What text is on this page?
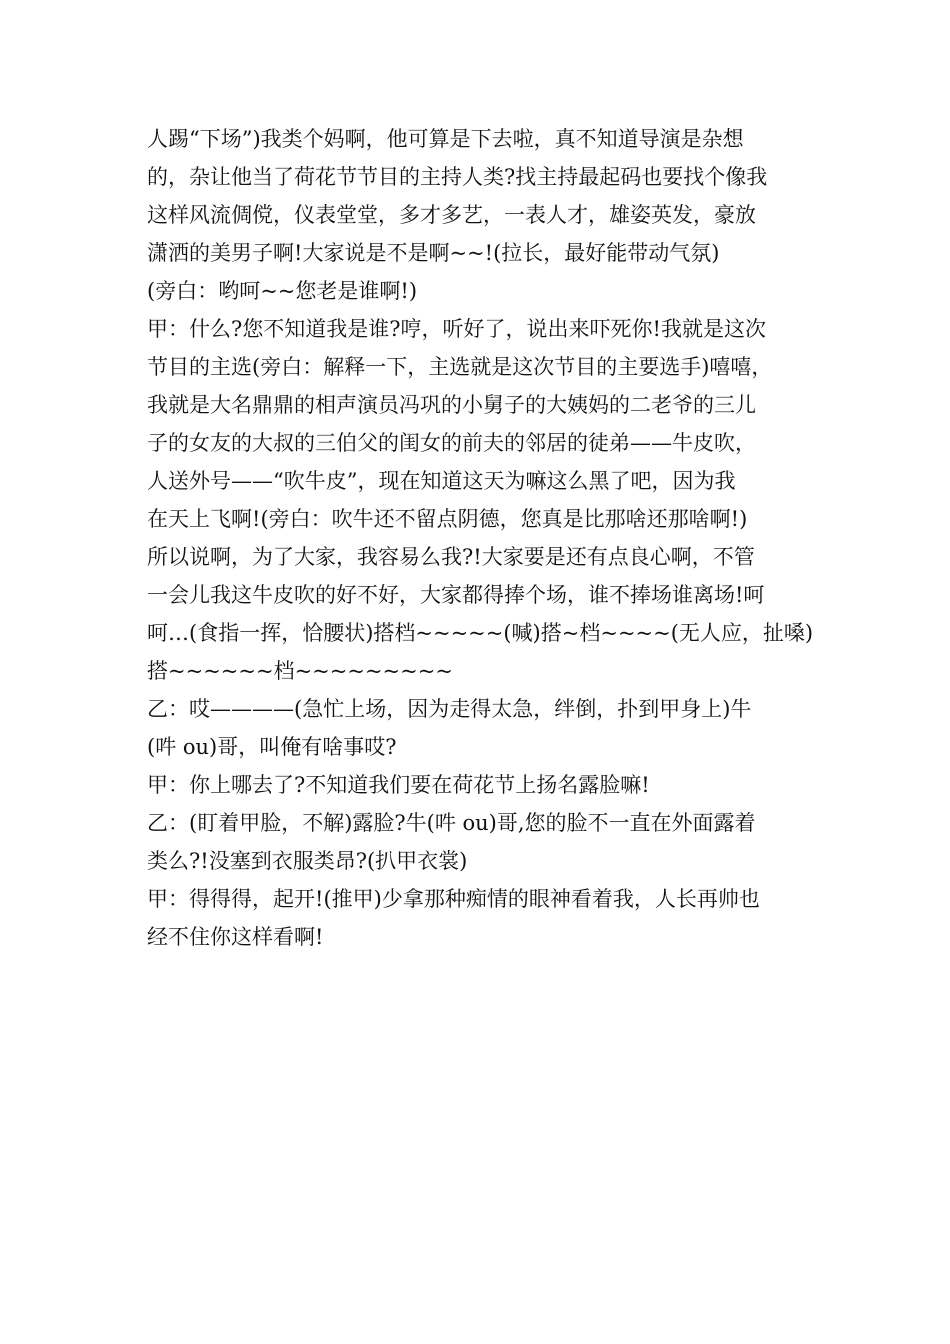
人踢“下场”)我类个妈啊，他可算是下去啦，真不知道导演是杂想

的，杂让他当了荷花节节目的主持人类?找主持最起码也要找个像我

这样风流倜傥，仪表堂堂，多才多艺，一表人才，雄姿英发，豪放

潇洒的美男子啊!大家说是不是啊~~!(拉长，最好能带动气氛)

(旁白：哟呵~~您老是谁啊!)

甲：什么?您不知道我是谁?哼，听好了，说出来吓死你!我就是这次

节目的主选(旁白：解释一下，主选就是这次节目的主要选手)嘻嘻，

我就是大名鼎鼎的相声演员冯巩的小舅子的大姨妈的二老爷的三儿

子的女友的大叔的三伯父的闺女的前夫的邻居的徒弟——牛皮吹，

人送外号——“吹牛皮”，现在知道这天为嘛这么黑了吧，因为我

在天上飞啊!(旁白：吹牛还不留点阴德，您真是比那啥还那啥啊!)

所以说啊，为了大家，我容易么我?!大家要是还有点良心啊，不管

一会儿我这牛皮吹的好不好，大家都得捧个场，谁不捧场谁离场!呵

呵…(食指一挥，恰腰状)搭档~~~~~(喊)搭~档~~~~(无人应，扯嗓)

搭~~~~~~档~~~~~~~~~

乙：哎————(急忙上场，因为走得太急，绊倒，扑到甲身上)牛

(吽 ou)哥，叫俺有啥事哎?

甲：你上哪去了?不知道我们要在荷花节上扬名露脸嘛!

乙：(盯着甲脸，不解)露脸?牛(吽 ou)哥,您的脸不一直在外面露着

类么?!没塞到衣服类昂?(扒甲衣裳)

甲：得得得，起开!(推甲)少拿那种痴情的眼神看着我，人长再帅也

经不住你这样看啊!
